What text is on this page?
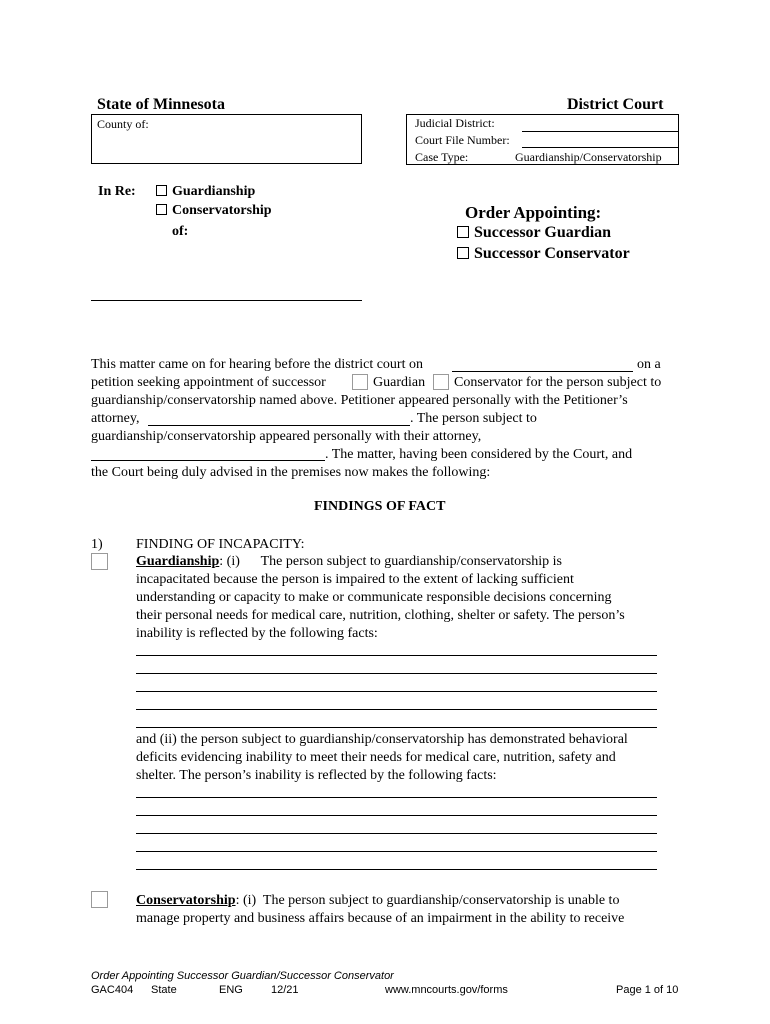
State of Minnesota	District Court
County of:	Judicial District:
Court File Number:
Case Type:	Guardianship/Conservatorship
In Re:	Guardianship
Conservatorship
of:
Order Appointing:
Successor Guardian
Successor Conservator
This matter came on for hearing before the district court on	on a
petition seeking appointment of successor	Guardian Conservator for the person subject to
guardianship/conservatorship named above. Petitioner appeared personally with the Petitioner’s
attorney,	. The person subject to
guardianship/conservatorship appeared personally with their attorney,
. The matter, having been considered by the Court, and
the Court being duly advised in the premises now makes the following:
FINDINGS OF FACT
1) FINDING OF INCAPACITY:
Guardianship: (i)      The person subject to guardianship/conservatorship is
incapacitated because the person is impaired to the extent of lacking sufficient
understanding or capacity to make or communicate responsible decisions concerning
their personal needs for medical care, nutrition, clothing, shelter or safety. The person’s
inability is reflected by the following facts:
and (ii) the person subject to guardianship/conservatorship has demonstrated behavioral
deficits evidencing inability to meet their needs for medical care, nutrition, safety and
shelter. The person’s inability is reflected by the following facts:
Conservatorship: (i)  The person subject to guardianship/conservatorship is unable to
manage property and business affairs because of an impairment in the ability to receive
Order Appointing Successor Guardian/Successor Conservator
GAC404 State	ENG	12/21	www.mncourts.gov/forms	Page 1 of 10
